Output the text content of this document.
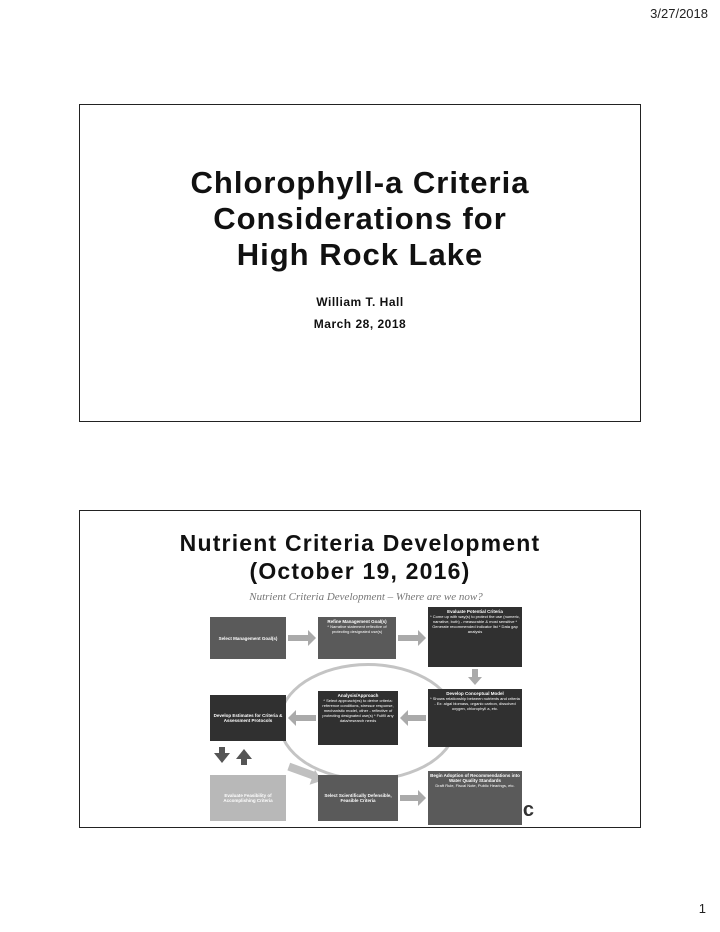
3/27/2018
Chlorophyll-a Criteria
Considerations for
High Rock Lake
William T. Hall
March 28, 2018
Nutrient Criteria Development
(October 19, 2016)
Nutrient Criteria Development – Where are we now?
Select Management Goal(s)
Refine Management Goal(s)
* Narrative statement reflective of protecting designated use(s)
Evaluate Potential Criteria
* Come up with way(s) to protect the use (numeric, narrative, both) - measurable & most sensitive * Generate recommended indicator list * Data gap analysis
Develop Estimates for Criteria & Assessment Protocols
Analysis/Approach
* Select approach(es) to derive criteria: reference conditions, stressor response, mechanistic model, other - reflective of protecting designated use(s) * Fulfill any data/research needs
Develop Conceptual Model
* Shows relationship between nutrients and criteria - Ex: algal biomass, organic carbon, dissolved oxygen, chlorophyll a, etc.
Evaluate Feasibility of Accomplishing Criteria
Select Scientifically Defensible, Feasible Criteria
Begin Adoption of Recommendations into Water Quality Standards
Draft Rule, Fiscal Note, Public Hearings, etc.
c
1
